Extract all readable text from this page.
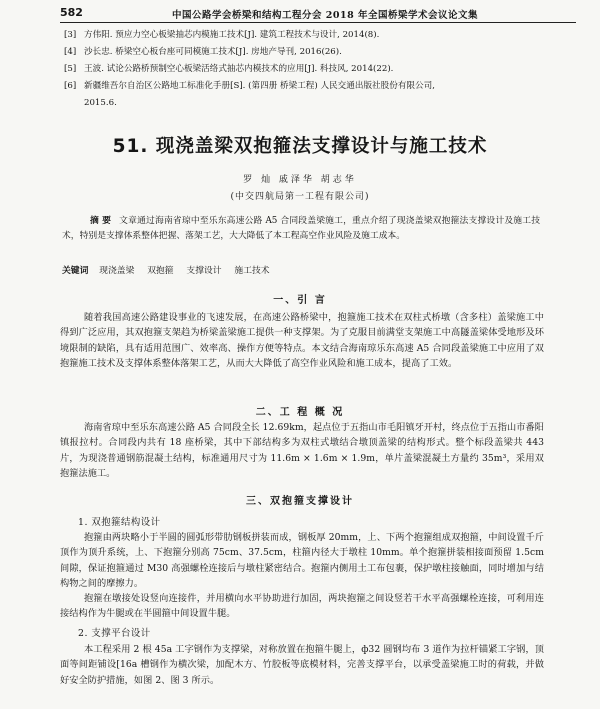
582	中国公路学会桥梁和结构工程分会 2018 年全国桥梁学术会议论文集
[3] 方伟阳. 预应力空心板梁抽芯内模施工技术[J]. 建筑工程技术与设计, 2014(8).
[4] 沙长忠. 桥梁空心板台座可同模施工技术[J]. 房地产导刊, 2016(26).
[5] 王波. 试论公路桥预制空心板梁活络式抽芯内模技术的应用[J]. 科技风, 2014(22).
[6] 新疆维吾尔自治区公路地工标准化手册[S]. (第四册 桥梁工程) 人民交通出版社股份有限公司,
2015.6.
51. 现浇盖梁双抱箍法支撑设计与施工技术
罗 灿 戚泽华 胡志华
(中交四航局第一工程有限公司)
摘 要 文章通过海南省琼中至乐东高速公路 A5 合同段盖梁施工，重点介绍了现浇盖梁双抱箍法支撑设计及施工技术，特别是支撑体系整体把握、落架工艺，大大降低了本工程高空作业风险及施工成本。
关键词 现浇盖梁 双抱箍 支撑设计 施工技术
一、引 言
随着我国高速公路建设事业的飞速发展，在高速公路桥梁中，抱箍施工技术在双柱式桥墩（含多柱）盖梁施工中得到广泛应用，其双抱箍支架趋为桥梁盖梁施工提供一种支撑架。为了克服目前满堂支架施工中高隧盖梁体受地形及环境限制的缺陷，具有适用范围广、效率高、操作方便等特点。本文结合海南琼乐东高速 A5 合同段盖梁施工中应用了双抱箍施工技术及支撑体系整体落架工艺，从而大大降低了高空作业风险和施工成本，提高了工效。
二、工 程 概 况
海南省琼中至乐东高速公路 A5 合同段全长 12.69km，起点位于五指山市毛阳镇牙开村，终点位于五指山市番阳镇报拉村。合同段内共有 18 座桥梁，其中下部结构多为双柱式墩结合墩顶盖梁的结构形式。整个标段盖梁共 443 片，为现浇普通钢筋混凝土结构，标准通用尺寸为 11.6m × 1.6m × 1.9m，单片盖梁混凝土方量约 35m³，采用双抱箍法施工。
三、双抱箍支撑设计
1. 双抱箍结构设计
抱箍由两块略小于半圆的圆弧形带肋钢板拼装而成，钢板厚 20mm，上、下两个抱箍组成双抱箍，中间设置千斤顶作为顶升系统，上、下抱箍分别高 75cm、37.5cm，柱箍内径大于墩柱 10mm。单个抱箍拼装相接面预留 1.5cm 间隙，保证抱箍通过 M30 高强螺栓连接后与墩柱紧密结合。抱箍内侧用土工布包裹，保护墩柱接触面，同时增加与结构物之间的摩擦力。
抱箍在墩接处设竖向连接件，并用横向水平协助进行加固，两块抱箍之间设竖若干水平高强螺栓连接，可利用连接结构作为牛腿或在半圆箍中间设置牛腿。
2. 支撑平台设计
本工程采用 2 根 45a 工字钢作为支撑梁，对称放置在抱箍牛腿上，ф32 圆钢均布 3 道作为拉杆锚紧工字钢，顶面等间距铺设[16a 槽钢作为横次梁，加配木方、竹胶板等底模材料，完善支撑平台，以承受盖梁施工时的荷载，并做好安全防护措施，如图 2、图 3 所示。
